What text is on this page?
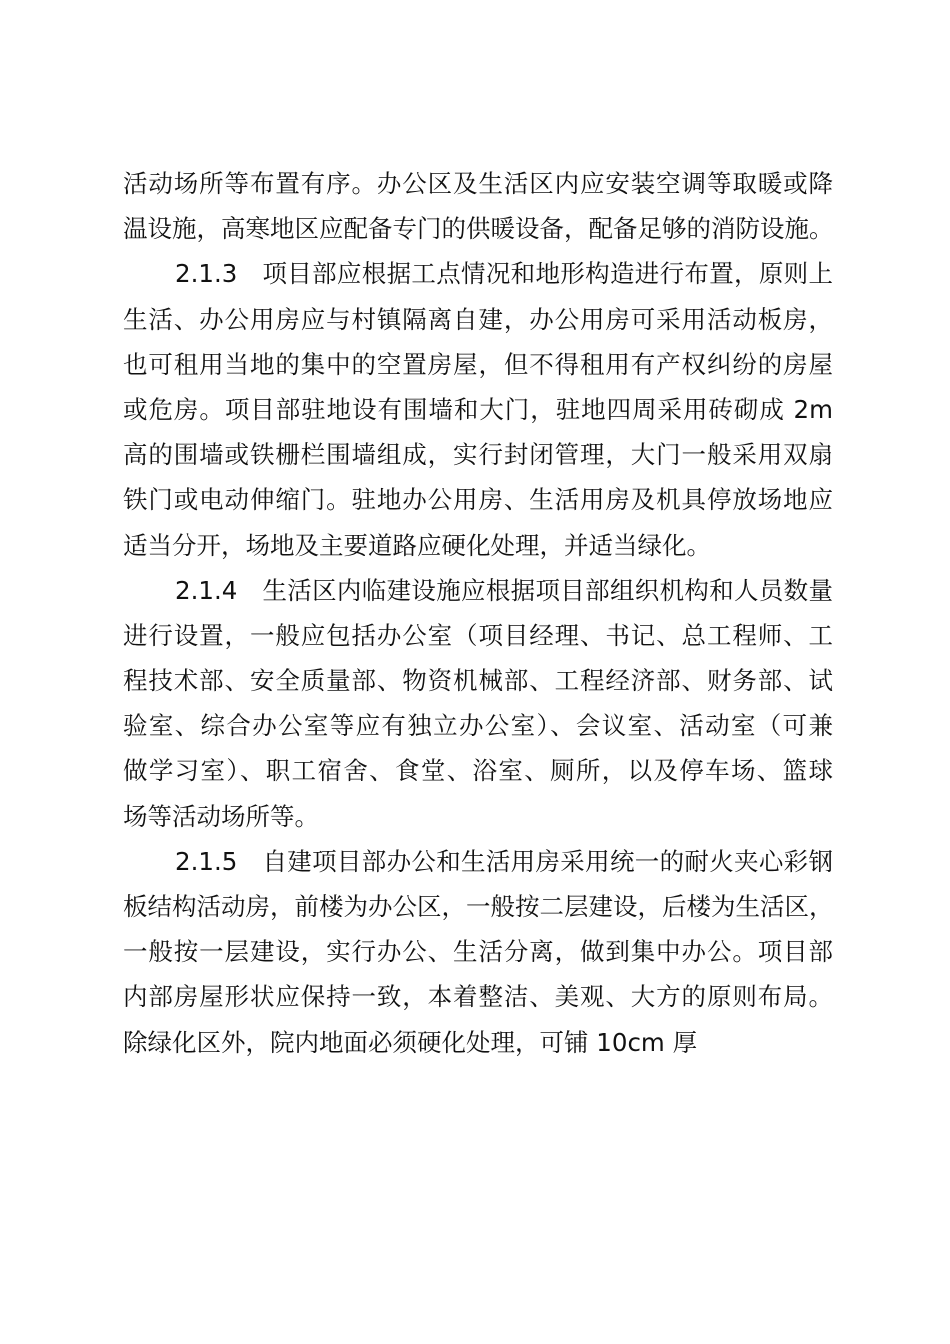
活动场所等布置有序。办公区及生活区内应安装空调等取暖或降
温设施，高寒地区应配备专门的供暖设备，配备足够的消防设施。
2.1.3　项目部应根据工点情况和地形构造进行布置，原则上
生活、办公用房应与村镇隔离自建，办公用房可采用活动板房，
也可租用当地的集中的空置房屋，但不得租用有产权纠纷的房屋
或危房。项目部驻地设有围墙和大门，驻地四周采用砖砌成 2m
高的围墙或铁栅栏围墙组成，实行封闭管理，大门一般采用双扇
铁门或电动伸缩门。驻地办公用房、生活用房及机具停放场地应
适当分开，场地及主要道路应硬化处理，并适当绿化。
2.1.4　生活区内临建设施应根据项目部组织机构和人员数量
进行设置，一般应包括办公室（项目经理、书记、总工程师、工
程技术部、安全质量部、物资机械部、工程经济部、财务部、试
验室、综合办公室等应有独立办公室）、会议室、活动室（可兼
做学习室）、职工宿舍、食堂、浴室、厕所，以及停车场、篮球
场等活动场所等。
2.1.5　自建项目部办公和生活用房采用统一的耐火夹心彩钢
板结构活动房，前楼为办公区，一般按二层建设，后楼为生活区，
一般按一层建设，实行办公、生活分离，做到集中办公。项目部
内部房屋形状应保持一致，本着整洁、美观、大方的原则布局。
除绿化区外，院内地面必须硬化处理，可铺 10cm 厚
